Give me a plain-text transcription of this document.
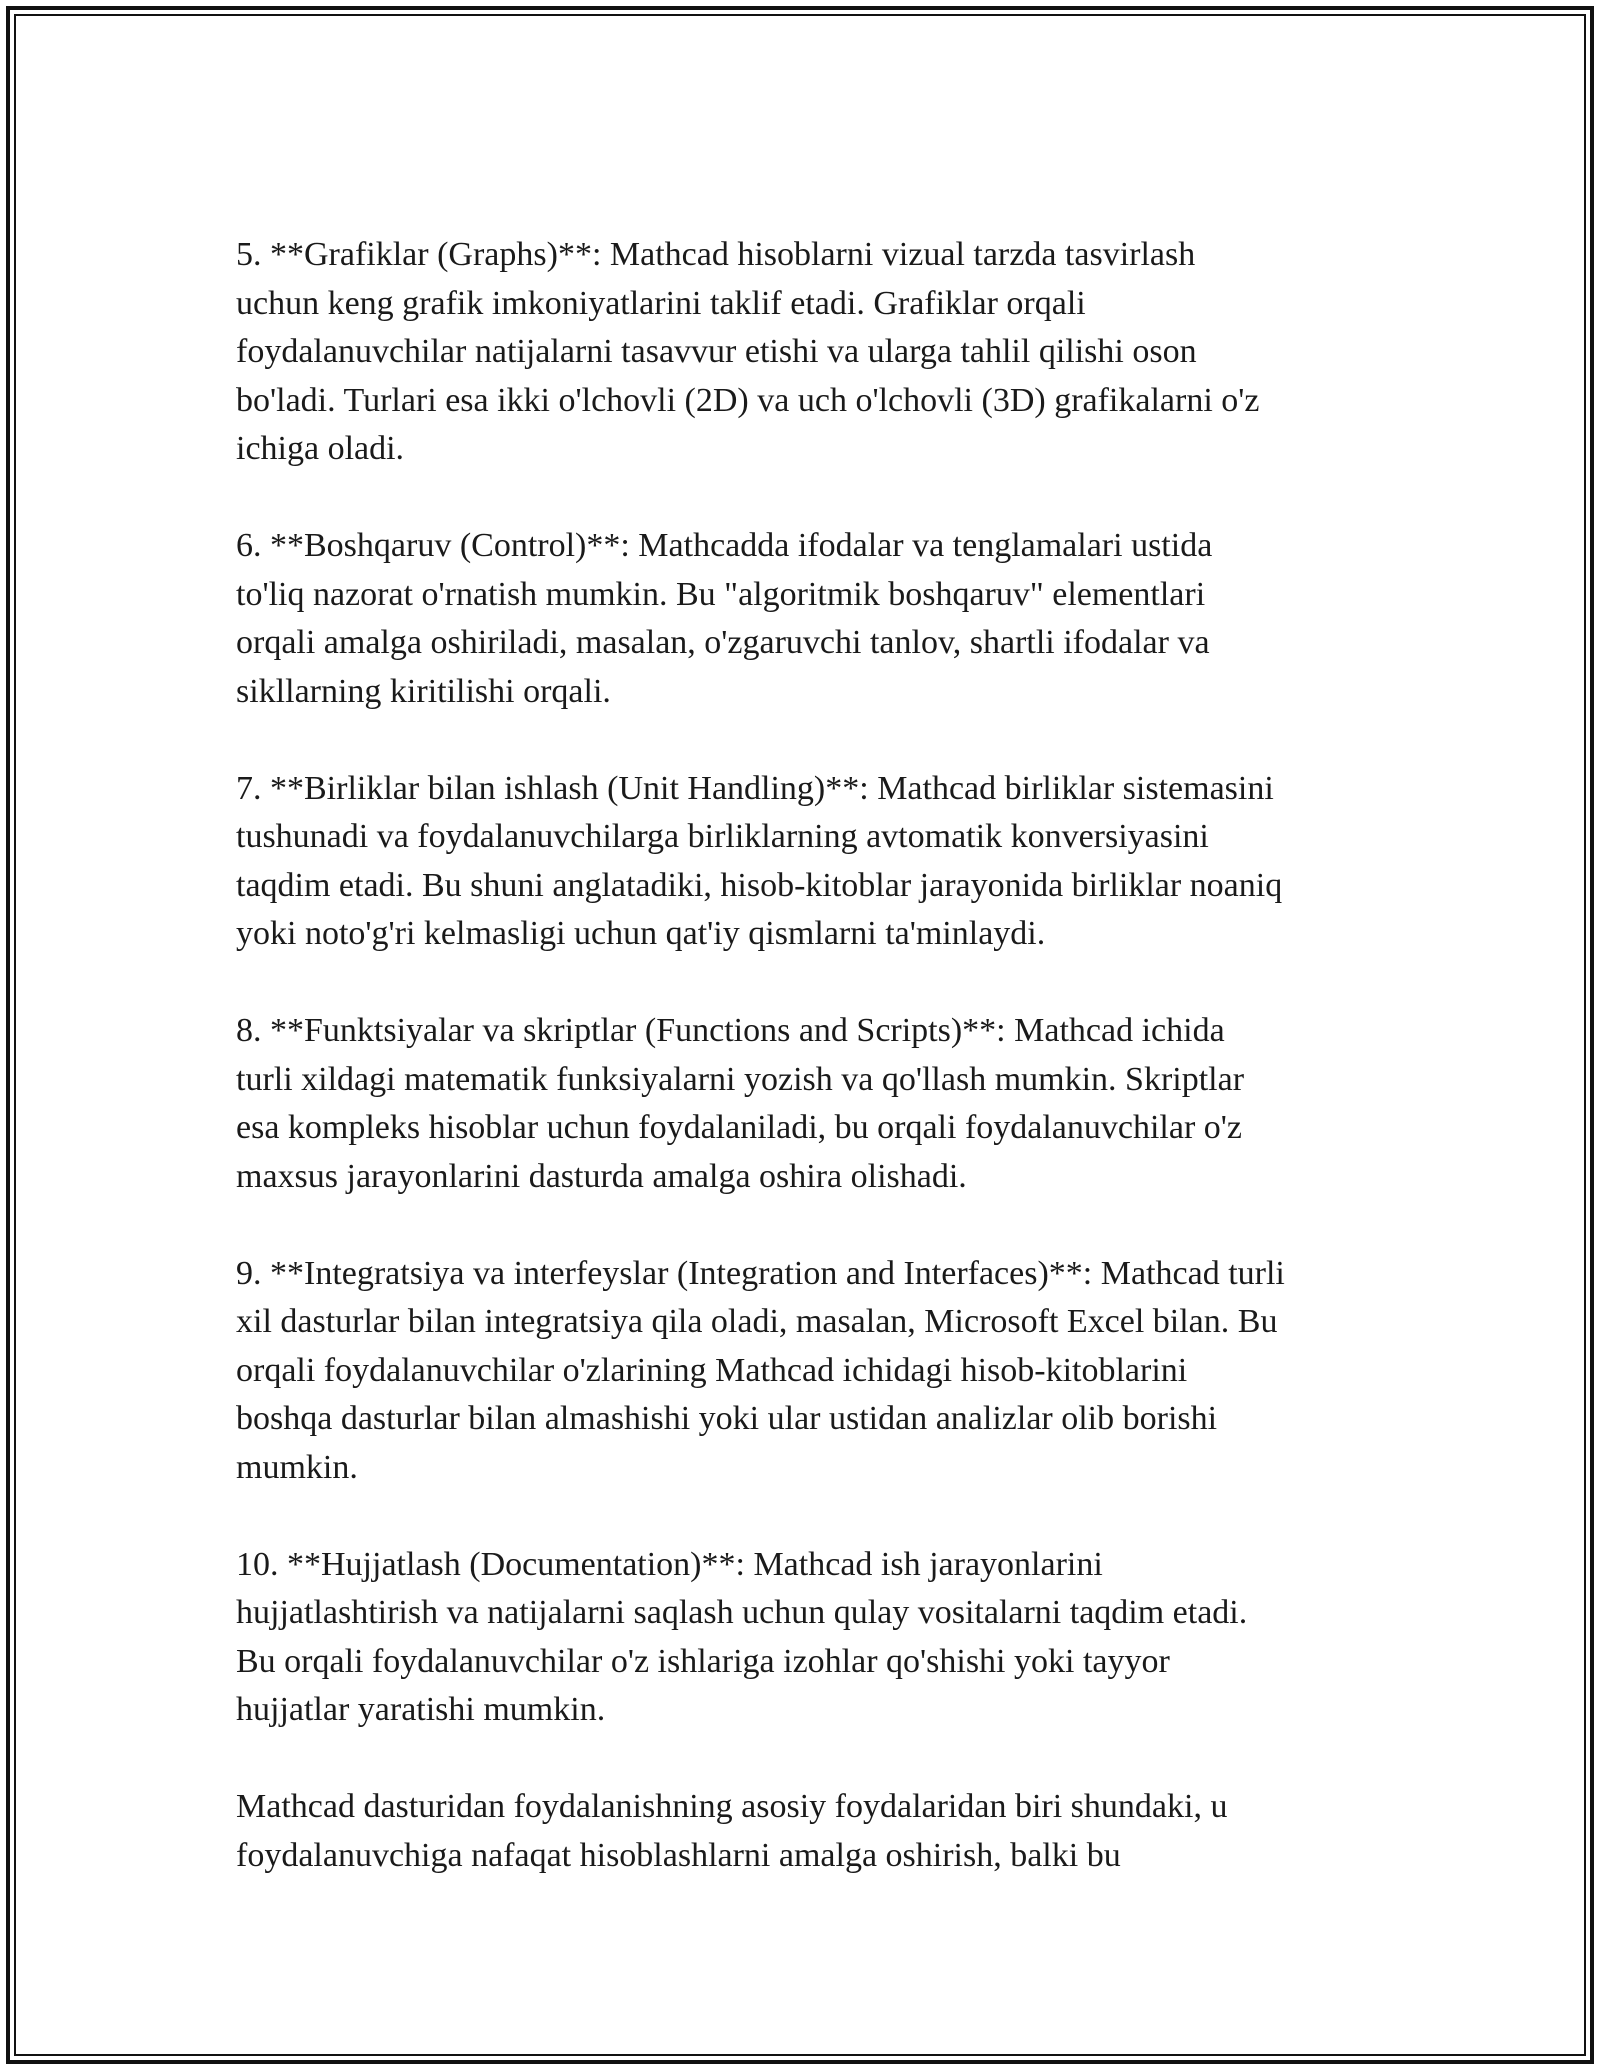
5. **Grafiklar (Graphs)**: Mathcad hisoblarni vizual tarzda tasvirlash
uchun keng grafik imkoniyatlarini taklif etadi. Grafiklar orqali
foydalanuvchilar natijalarni tasavvur etishi va ularga tahlil qilishi oson
bo'ladi. Turlari esa ikki o'lchovli (2D) va uch o'lchovli (3D) grafikalarni o'z
ichiga oladi.

6. **Boshqaruv (Control)**: Mathcadda ifodalar va tenglamalari ustida
to'liq nazorat o'rnatish mumkin. Bu "algoritmik boshqaruv" elementlari
orqali amalga oshiriladi, masalan, o'zgaruvchi tanlov, shartli ifodalar va
sikllarning kiritilishi orqali.

7. **Birliklar bilan ishlash (Unit Handling)**: Mathcad birliklar sistemasini
tushunadi va foydalanuvchilarga birliklarning avtomatik konversiyasini
taqdim etadi. Bu shuni anglatadiki, hisob-kitoblar jarayonida birliklar noaniq
yoki noto'g'ri kelmasligi uchun qat'iy qismlarni ta'minlaydi.

8. **Funktsiyalar va skriptlar (Functions and Scripts)**: Mathcad ichida
turli xildagi matematik funksiyalarni yozish va qo'llash mumkin. Skriptlar
esa kompleks hisoblar uchun foydalaniladi, bu orqali foydalanuvchilar o'z
maxsus jarayonlarini dasturda amalga oshira olishadi.

9. **Integratsiya va interfeyslar (Integration and Interfaces)**: Mathcad turli
xil dasturlar bilan integratsiya qila oladi, masalan, Microsoft Excel bilan. Bu
orqali foydalanuvchilar o'zlarining Mathcad ichidagi hisob-kitoblarini
boshqa dasturlar bilan almashishi yoki ular ustidan analizlar olib borishi
mumkin.

10. **Hujjatlash (Documentation)**: Mathcad ish jarayonlarini
hujjatlashtirish va natijalarni saqlash uchun qulay vositalarni taqdim etadi.
Bu orqali foydalanuvchilar o'z ishlariga izohlar qo'shishi yoki tayyor
hujjatlar yaratishi mumkin.

Mathcad dasturidan foydalanishning asosiy foydalaridan biri shundaki, u
foydalanuvchiga nafaqat hisoblashlarni amalga oshirish, balki bu
